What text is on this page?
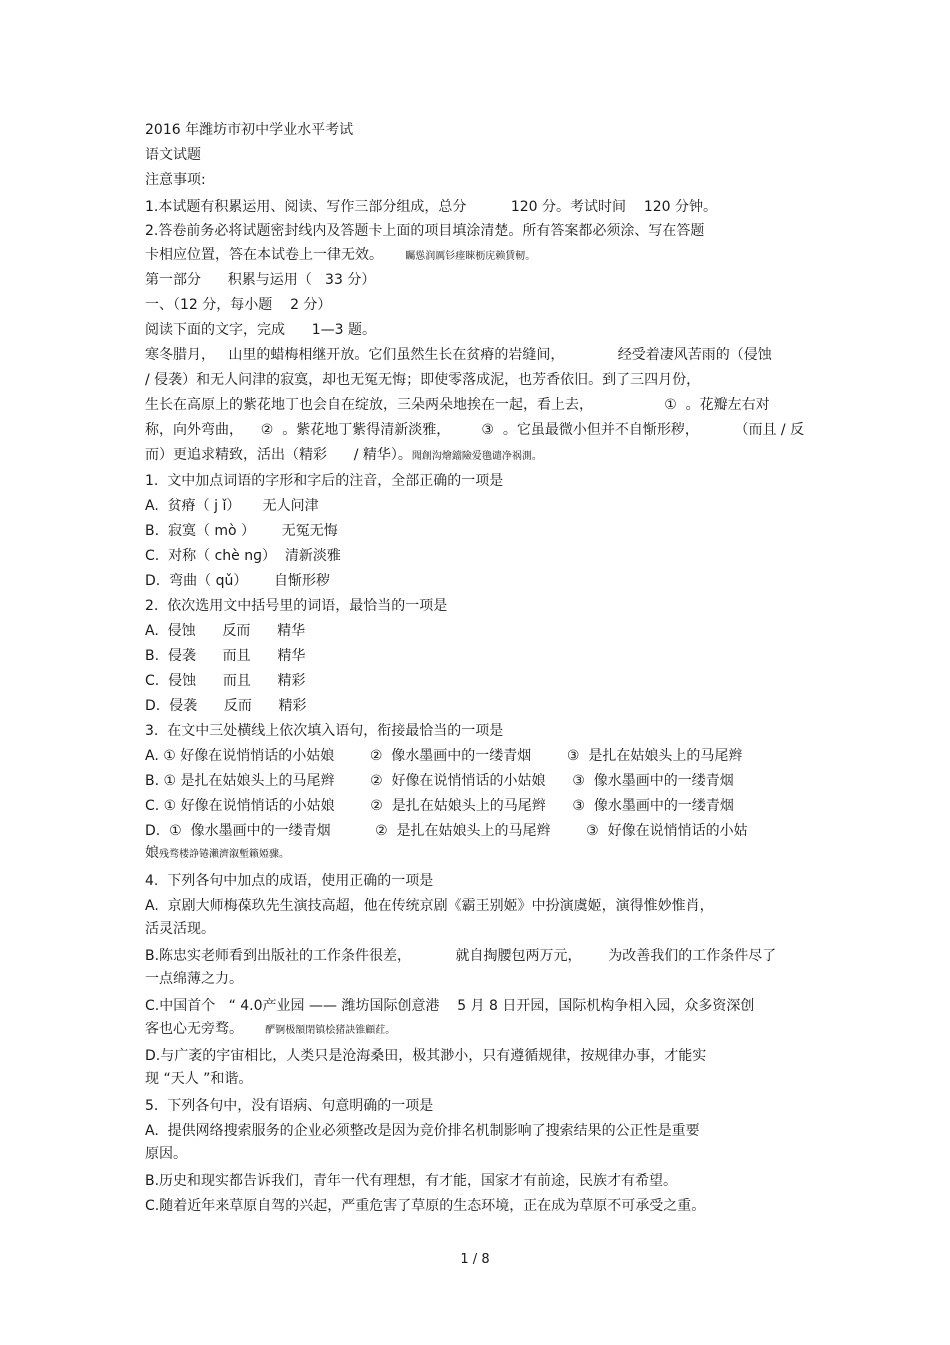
2016 年潍坊市初中学业水平考试
语文试题
注意事项:
1.本试题有积累运用、阅读、写作三部分组成，总分          120 分。考试时间    120 分钟。
2.答卷前务必将试题密封线内及答题卡上面的项目填涂清楚。所有答案都必须涂、写在答题
卡相应位置，答在本试卷上一律无效。 矚慫润厲钐瘗睞枥庑赖賃軔。
第一部分      积累与运用（   33 分）
一、（12 分，每小题    2 分）
阅读下面的文字，完成      1—3 题。
寒冬腊月，   山里的蜡梅相继开放。它们虽然生长在贫瘠的岩缝间，            经受着凄风苦雨的（侵蚀
/ 侵袭）和无人问津的寂寞，却也无冤无悔；即使零落成泥，也芳香依旧。到了三四月份，
生长在高原上的紫花地丁也会自在绽放，三朵两朵地挨在一起，看上去，                ①  。花瓣左右对
称，向外弯曲，    ②  。紫花地丁紫得清新淡雅，       ③  。它虽最微小但并不自惭形秽，        （而且 / 反
而）更追求精致，活出（精彩      / 精华）。聞創沟燴鐺險爱氇谴净祸測。
1.  文中加点词语的字形和字后的注音，全部正确的一项是
A.  贫瘠（ j ǐ）     无人问津
B.  寂寞（ mò ）      无冤无悔
C.  对称（ chè nɡ）  清新淡雅
D.  弯曲（ qǔ）      自惭形秽
2.  依次选用文中括号里的词语，最恰当的一项是
A.  侵蚀      反而      精华
B.  侵袭      而且      精华
C.  侵蚀      而且      精彩
D.  侵袭      反而      精彩
3.  在文中三处横线上依次填入语句，衔接最恰当的一项是
A. ① 好像在说悄悄话的小姑娘        ②  像水墨画中的一缕青烟        ③  是扎在姑娘头上的马尾辫
B. ① 是扎在姑娘头上的马尾辫        ②  好像在说悄悄话的小姑娘      ③  像水墨画中的一缕青烟
C. ① 好像在说悄悄话的小姑娘        ②  是扎在姑娘头上的马尾辫      ③  像水墨画中的一缕青烟
D.  ①  像水墨画中的一缕青烟          ②  是扎在姑娘头上的马尾辫        ③  好像在说悄悄话的小姑
娘残骛楼諍锩瀨濟溆塹籟婭骤。
4.  下列各句中加点的成语，使用正确的一项是
A.  京剧大师梅葆玖先生演技高超，他在传统京剧《霸王别姬》中扮演虞姬，演得惟妙惟肖，
活灵活现。
B.陈忠实老师看到出版社的工作条件很差，          就自掏腰包两万元，      为改善我们的工作条件尽了
一点绵薄之力。
C.中国首个   “ 4.0产业园 —— 潍坊国际创意港    5 月 8 日开园，国际机构争相入园，众多资深创
客也心无旁骛。 酽锕极額閉镇桧猪訣锥顧荭。
D.与广袤的宇宙相比，人类只是沧海桑田，极其渺小，只有遵循规律，按规律办事，才能实
现 “天人 ”和谐。
5.  下列各句中，没有语病、句意明确的一项是
A.  提供网络搜索服务的企业必须整改是因为竞价排名机制影响了搜索结果的公正性是重要
原因。
B.历史和现实都告诉我们，青年一代有理想，有才能，国家才有前途，民族才有希望。
C.随着近年来草原自驾的兴起，严重危害了草原的生态环境，正在成为草原不可承受之重。
1 / 8
